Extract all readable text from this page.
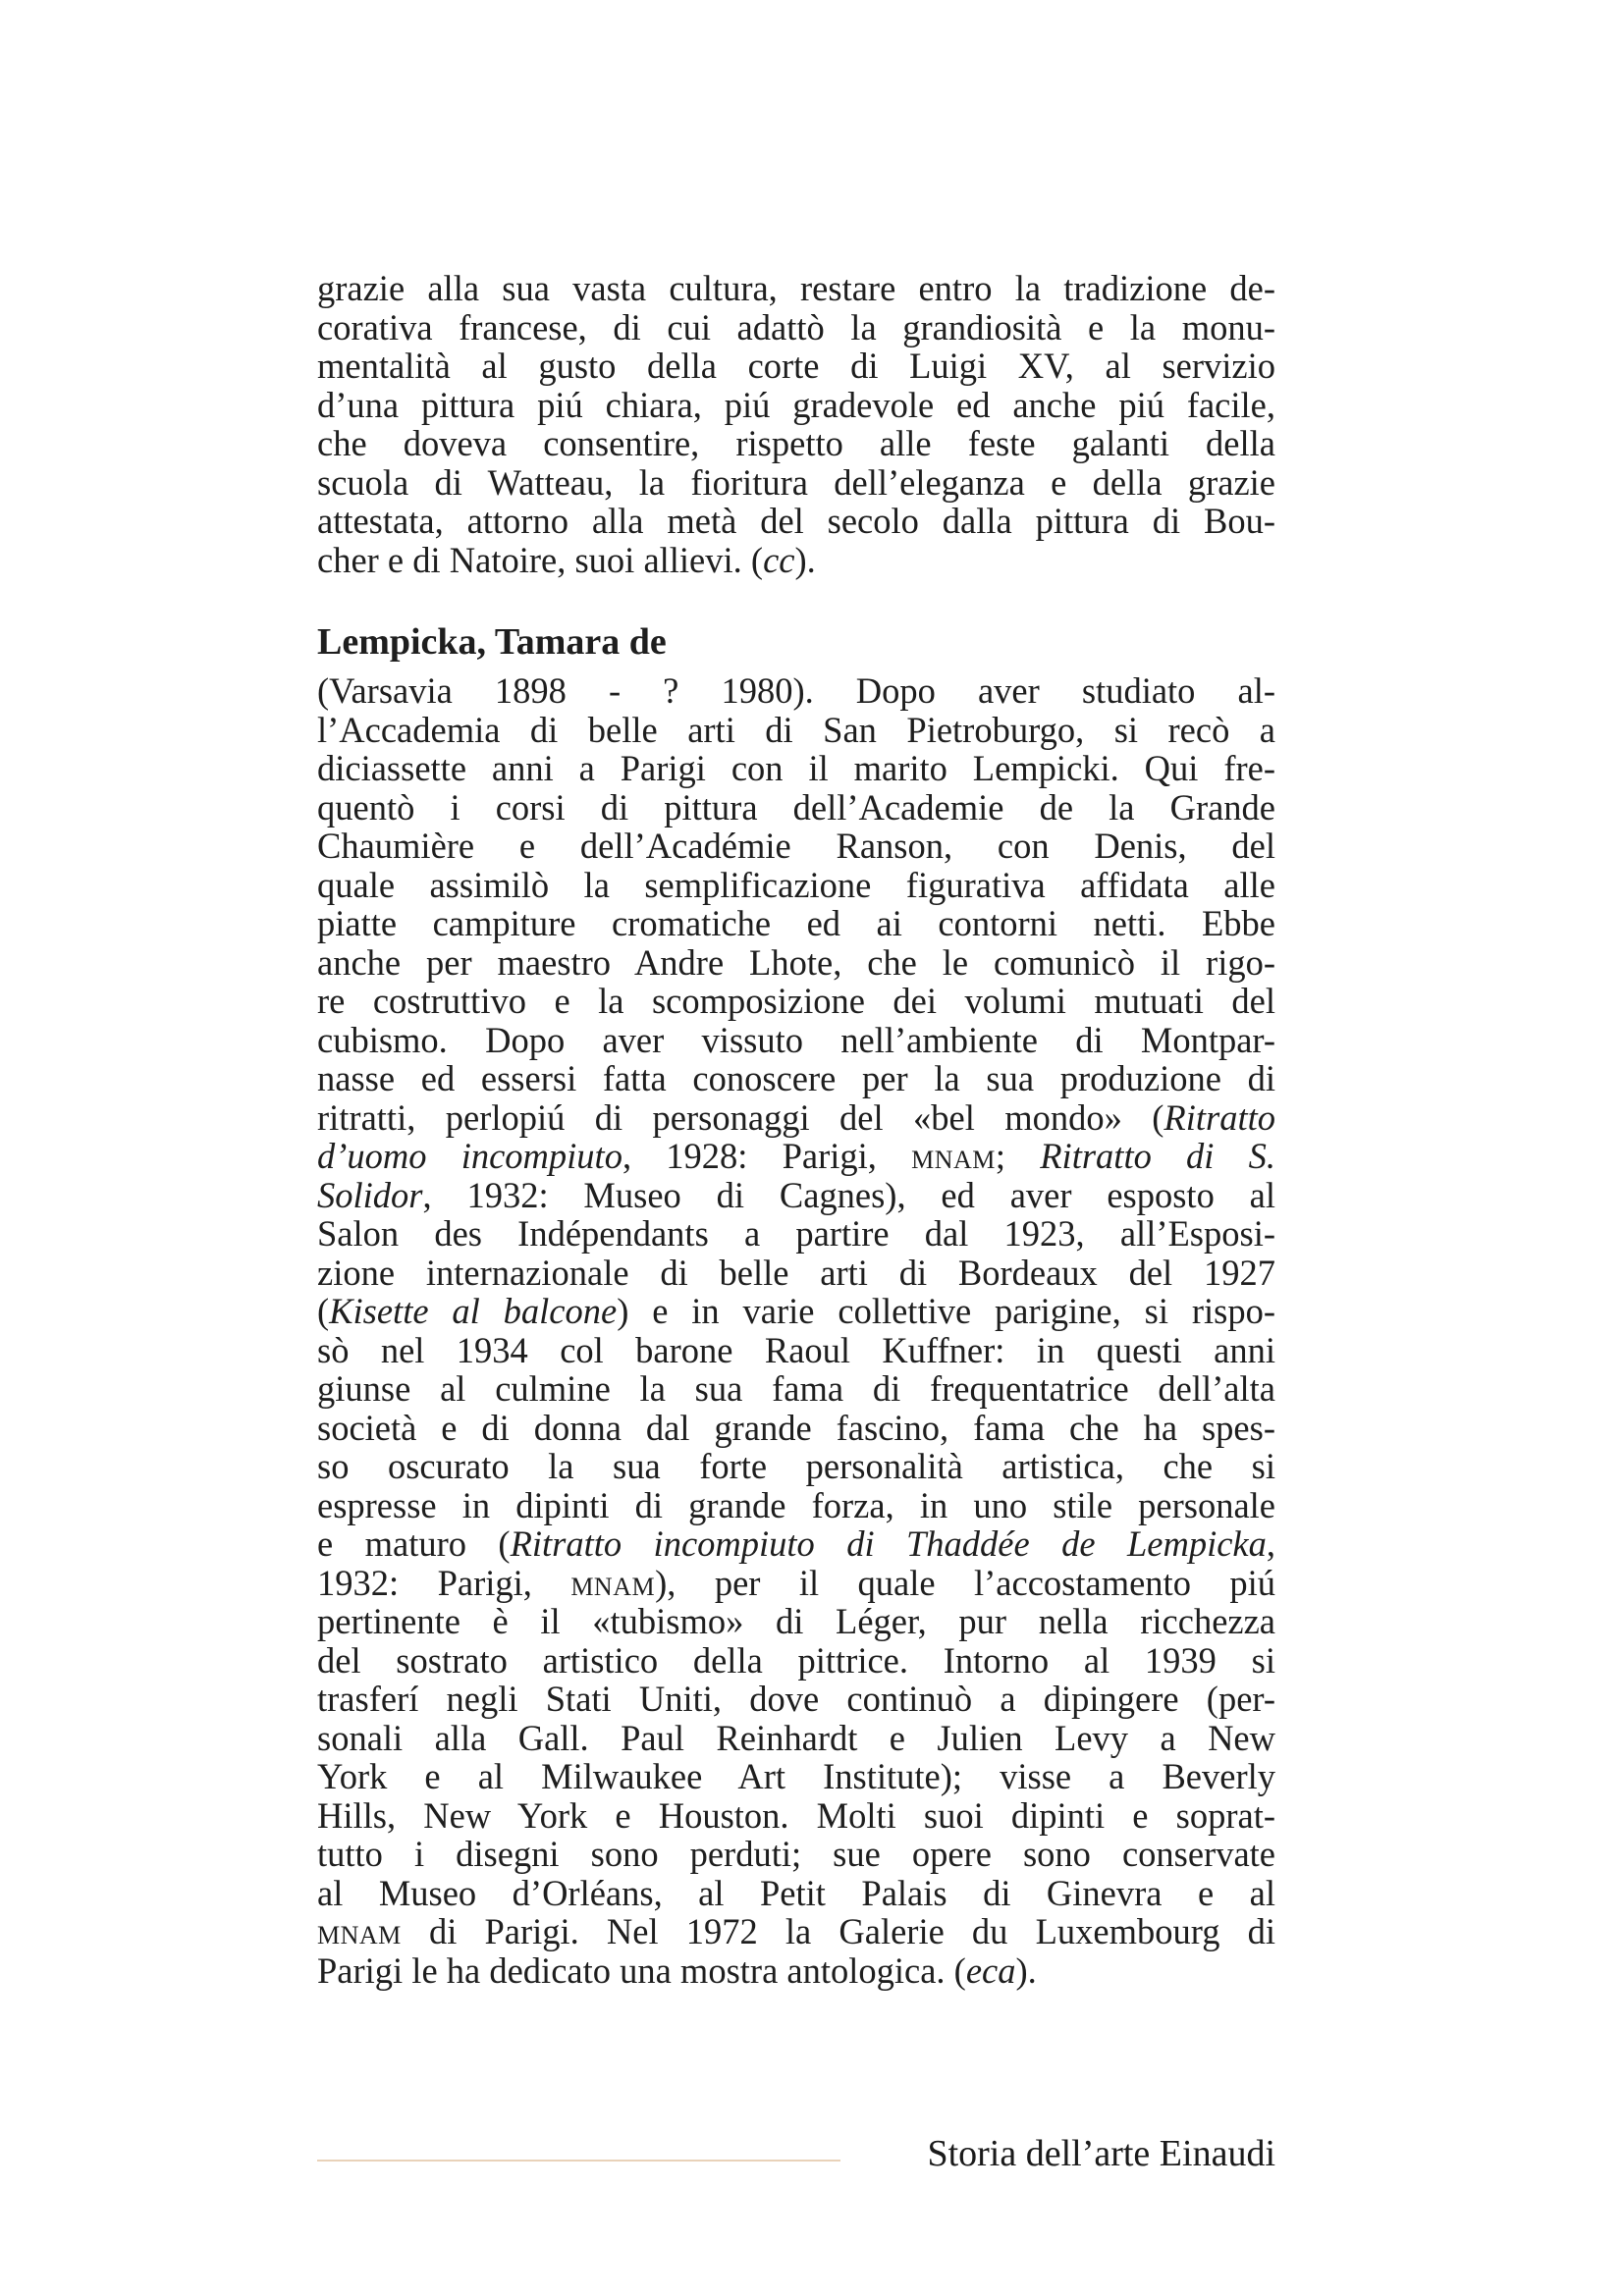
grazie alla sua vasta cultura, restare entro la tradizione de-
corativa francese, di cui adattò la grandiosità e la monu-
mentalità al gusto della corte di Luigi XV, al servizio
d’una pittura piú chiara, piú gradevole ed anche piú facile,
che doveva consentire, rispetto alle feste galanti della
scuola di Watteau, la fioritura dell’eleganza e della grazie
attestata, attorno alla metà del secolo dalla pittura di Bou-
cher e di Natoire, suoi allievi. (cc).

Lempicka, Tamara de

(Varsavia 1898 - ? 1980). Dopo aver studiato al-
l’Accademia di belle arti di San Pietroburgo, si recò a
diciassette anni a Parigi con il marito Lempicki. Qui fre-
quentò i corsi di pittura dell’Academie de la Grande
Chaumière e dell’Académie Ranson, con Denis, del
quale assimilò la semplificazione figurativa affidata alle
piatte campiture cromatiche ed ai contorni netti. Ebbe
anche per maestro Andre Lhote, che le comunicò il rigo-
re costruttivo e la scomposizione dei volumi mutuati del
cubismo. Dopo aver vissuto nell’ambiente di Montpar-
nasse ed essersi fatta conoscere per la sua produzione di
ritratti, perlopiú di personaggi del «bel mondo» (Ritratto
d’uomo incompiuto, 1928: Parigi, mnam; Ritratto di S.
Solidor, 1932: Museo di Cagnes), ed aver esposto al
Salon des Indépendants a partire dal 1923, all’Esposi-
zione internazionale di belle arti di Bordeaux del 1927
(Kisette al balcone) e in varie collettive parigine, si rispo-
sò nel 1934 col barone Raoul Kuffner: in questi anni
giunse al culmine la sua fama di frequentatrice dell’alta
società e di donna dal grande fascino, fama che ha spes-
so oscurato la sua forte personalità artistica, che si
espresse in dipinti di grande forza, in uno stile personale
e maturo (Ritratto incompiuto di Thaddée de Lempicka,
1932: Parigi, mnam), per il quale l’accostamento piú
pertinente è il «tubismo» di Léger, pur nella ricchezza
del sostrato artistico della pittrice. Intorno al 1939 si
trasferí negli Stati Uniti, dove continuò a dipingere (per-
sonali alla Gall. Paul Reinhardt e Julien Levy a New
York e al Milwaukee Art Institute); visse a Beverly
Hills, New York e Houston. Molti suoi dipinti e soprat-
tutto i disegni sono perduti; sue opere sono conservate
al Museo d’Orléans, al Petit Palais di Ginevra e al
mnam di Parigi. Nel 1972 la Galerie du Luxembourg di
Parigi le ha dedicato una mostra antologica. (eca).

Storia dell’arte Einaudi
